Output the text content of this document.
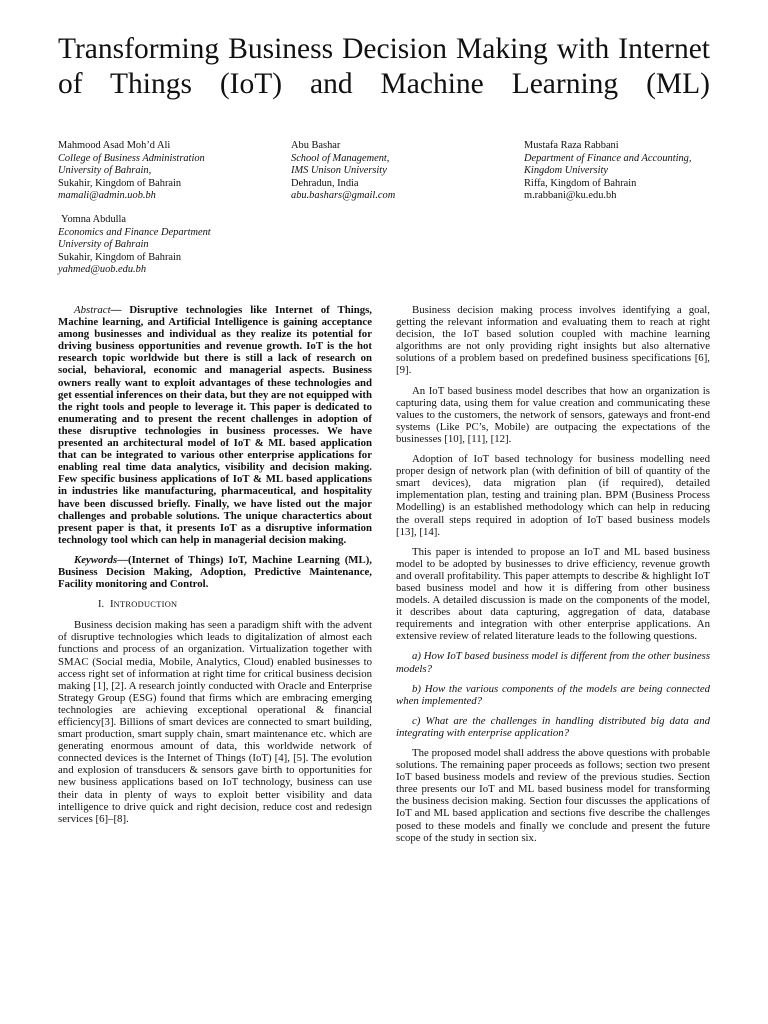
Transforming Business Decision Making with Internet of Things (IoT) and Machine Learning (ML)
Mahmood Asad Moh’d Ali
College of Business Administration
University of Bahrain,
Sukahir, Kingdom of Bahrain
mamali@admin.uob.bh
Abu Bashar
School of Management,
IMS Unison University
Dehradun, India
abu.bashars@gmail.com
Mustafa Raza Rabbani
Department of Finance and Accounting,
Kingdom University
Riffa, Kingdom of Bahrain
m.rabbani@ku.edu.bh
Yomna Abdulla
Economics and Finance Department
University of Bahrain
Sukahir, Kingdom of Bahrain
yahmed@uob.edu.bh

Abstract— Disruptive technologies like Internet of Things, Machine learning, and Artificial Intelligence is gaining acceptance among businesses and individual as they realize its potential for driving business opportunities and revenue growth. IoT is the hot research topic worldwide but there is still a lack of research on social, behavioral, economic and managerial aspects. Business owners really want to exploit advantages of these technologies and get essential inferences on their data, but they are not equipped with the right tools and people to leverage it. This paper is dedicated to enumerating and to present the recent challenges in adoption of these disruptive technologies in business processes. We have presented an architectural model of IoT & ML based application that can be integrated to various other enterprise applications for enabling real time data analytics, visibility and decision making. Few specific business applications of IoT & ML based applications in industries like manufacturing, pharmaceutical, and hospitality have been discussed briefly. Finally, we have listed out the major challenges and probable solutions. The unique charactertics about present paper is that, it presents IoT as a disruptive information technology tool which can help in managerial decision making.

Keywords—(Internet of Things) IoT, Machine Learning (ML), Business Decision Making, Adoption, Predictive Maintenance, Facility monitoring and Control.

I. INTRODUCTION

Business decision making has seen a paradigm shift with the advent of disruptive technologies which leads to digitalization of almost each functions and process of an organization. Virtualization together with SMAC (Social media, Mobile, Analytics, Cloud) enabled businesses to access right set of information at right time for critical business decision making [1], [2]. A research jointly conducted with Oracle and Enterprise Strategy Group (ESG) found that firms which are embracing emerging technologies are achieving exceptional operational & financial efficiency[3]. Billions of smart devices are connected to smart building, smart production, smart supply chain, smart maintenance etc. which are generating enormous amount of data, this worldwide network of connected devices is the Internet of Things (IoT) [4], [5]. The evolution and explosion of transducers & sensors gave birth to opportunities for new business applications based on IoT technology, business can use their data in plenty of ways to exploit better visibility and data intelligence to drive quick and right decision, reduce cost and redesign services [6]–[8].

Business decision making process involves identifying a goal, getting the relevant information and evaluating them to reach at right decision, the IoT based solution coupled with machine learning algorithms are not only providing right insights but also alternative solutions of a problem based on predefined business specifications [6], [9].

An IoT based business model describes that how an organization is capturing data, using them for value creation and communicating these values to the customers, the network of sensors, gateways and front-end systems (Like PC’s, Mobile) are outpacing the expectations of the businesses [10], [11], [12].

Adoption of IoT based technology for business modelling need proper design of network plan (with definition of bill of quantity of the smart devices), data migration plan (if required), detailed implementation plan, testing and training plan. BPM (Business Process Modelling) is an established methodology which can help in reducing the overall steps required in adoption of IoT based business models [13], [14].

This paper is intended to propose an IoT and ML based business model to be adopted by businesses to drive efficiency, revenue growth and overall profitability. This paper attempts to describe & highlight IoT based business model and how it is differing from other business models. A detailed discussion is made on the components of the model, it describes about data capturing, aggregation of data, database requirements and integration with other enterprise applications. An extensive review of related literature leads to the following questions.

a) How IoT based business model is different from the other business models?

b) How the various components of the models are being connected when implemented?

c) What are the challenges in handling distributed big data and integrating with enterprise application?

The proposed model shall address the above questions with probable solutions. The remaining paper proceeds as follows; section two present IoT based business models and review of the previous studies. Section three presents our IoT and ML based business model for transforming the business decision making. Section four discusses the applications of IoT and ML based application and sections five describe the challenges posed to these models and finally we conclude and present the future scope of the study in section six.
